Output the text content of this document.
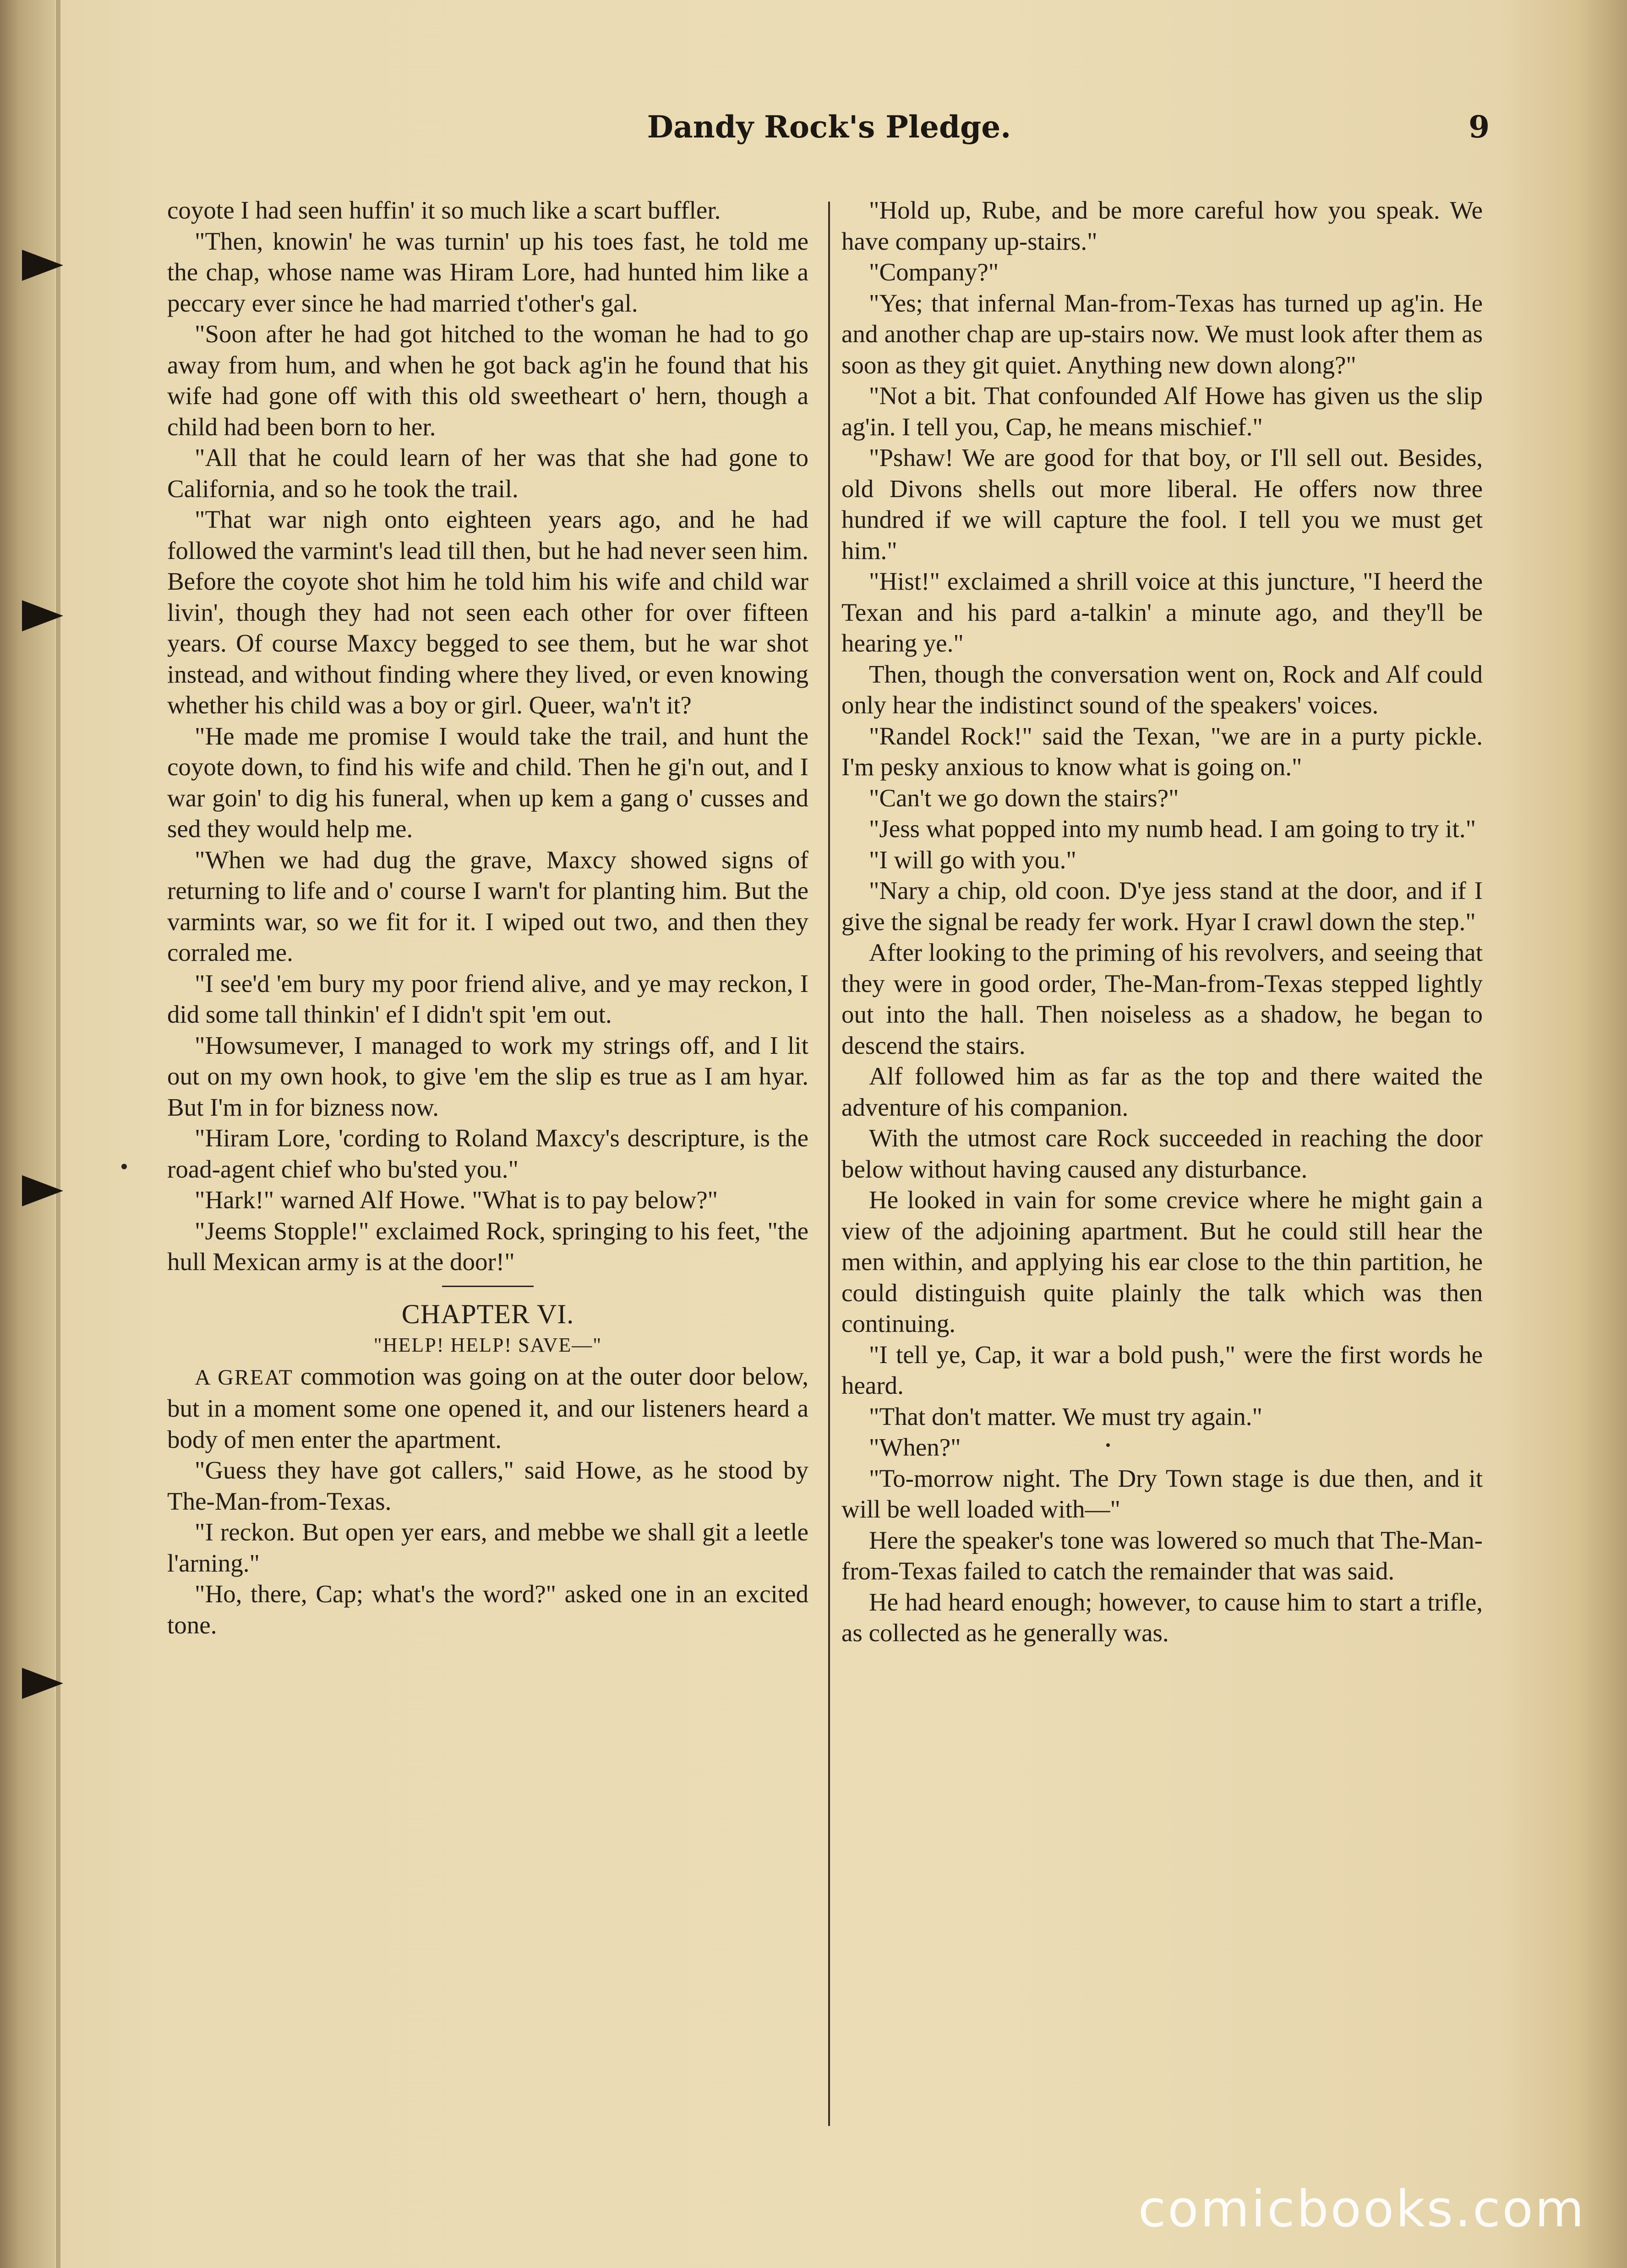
Dandy Rock's Pledge.	9

coyote I had seen huffin' it so much like a scart buffler.

"Then, knowin' he was turnin' up his toes fast, he told me the chap, whose name was Hiram Lore, had hunted him like a peccary ever since he had married t'other's gal.

"Soon after he had got hitched to the woman he had to go away from hum, and when he got back ag'in he found that his wife had gone off with this old sweetheart o' hern, though a child had been born to her.

"All that he could learn of her was that she had gone to California, and so he took the trail.

"That war nigh onto eighteen years ago, and he had followed the varmint's lead till then, but he had never seen him. Before the coyote shot him he told him his wife and child war livin', though they had not seen each other for over fifteen years. Of course Maxcy begged to see them, but he war shot instead, and without finding where they lived, or even knowing whether his child was a boy or girl. Queer, wa'n't it?

"He made me promise I would take the trail, and hunt the coyote down, to find his wife and child. Then he gi'n out, and I war goin' to dig his funeral, when up kem a gang o' cusses and sed they would help me.

"When we had dug the grave, Maxcy showed signs of returning to life and o' course I warn't for planting him. But the varmints war, so we fit for it. I wiped out two, and then they corraled me.

"I see'd 'em bury my poor friend alive, and ye may reckon, I did some tall thinkin' ef I didn't spit 'em out.

"Howsumever, I managed to work my strings off, and I lit out on my own hook, to give 'em the slip es true as I am hyar. But I'm in for bizness now.

"Hiram Lore, 'cording to Roland Maxcy's descripture, is the road-agent chief who bu'sted you."

"Hark!" warned Alf Howe. "What is to pay below?"

"Jeems Stopple!" exclaimed Rock, springing to his feet, "the hull Mexican army is at the door!"

CHAPTER VI.

"HELP! HELP! SAVE—"

A GREAT commotion was going on at the outer door below, but in a moment some one opened it, and our listeners heard a body of men enter the apartment.

"Guess they have got callers," said Howe, as he stood by The-Man-from-Texas.

"I reckon. But open yer ears, and mebbe we shall git a leetle l'arning."

"Ho, there, Cap; what's the word?" asked one in an excited tone.

"Hold up, Rube, and be more careful how you speak. We have company up-stairs."

"Company?"

"Yes; that infernal Man-from-Texas has turned up ag'in. He and another chap are up-stairs now. We must look after them as soon as they git quiet. Anything new down along?"

"Not a bit. That confounded Alf Howe has given us the slip ag'in. I tell you, Cap, he means mischief."

"Pshaw! We are good for that boy, or I'll sell out. Besides, old Divons shells out more liberal. He offers now three hundred if we will capture the fool. I tell you we must get him."

"Hist!" exclaimed a shrill voice at this juncture, "I heerd the Texan and his pard a-talkin' a minute ago, and they'll be hearing ye."

Then, though the conversation went on, Rock and Alf could only hear the indistinct sound of the speakers' voices.

"Randel Rock!" said the Texan, "we are in a purty pickle. I'm pesky anxious to know what is going on."

"Can't we go down the stairs?"

"Jess what popped into my numb head. I am going to try it."

"I will go with you."

"Nary a chip, old coon. D'ye jess stand at the door, and if I give the signal be ready fer work. Hyar I crawl down the step."

After looking to the priming of his revolvers, and seeing that they were in good order, The-Man-from-Texas stepped lightly out into the hall. Then noiseless as a shadow, he began to descend the stairs.

Alf followed him as far as the top and there waited the adventure of his companion.

With the utmost care Rock succeeded in reaching the door below without having caused any disturbance.

He looked in vain for some crevice where he might gain a view of the adjoining apartment. But he could still hear the men within, and applying his ear close to the thin partition, he could distinguish quite plainly the talk which was then continuing.

"I tell ye, Cap, it war a bold push," were the first words he heard.

"That don't matter. We must try again."

"When?"

"To-morrow night. The Dry Town stage is due then, and it will be well loaded with—"

Here the speaker's tone was lowered so much that The-Man-from-Texas failed to catch the remainder that was said.

He had heard enough; however, to cause him to start a trifle, as collected as he generally was.

comicbooks.com
